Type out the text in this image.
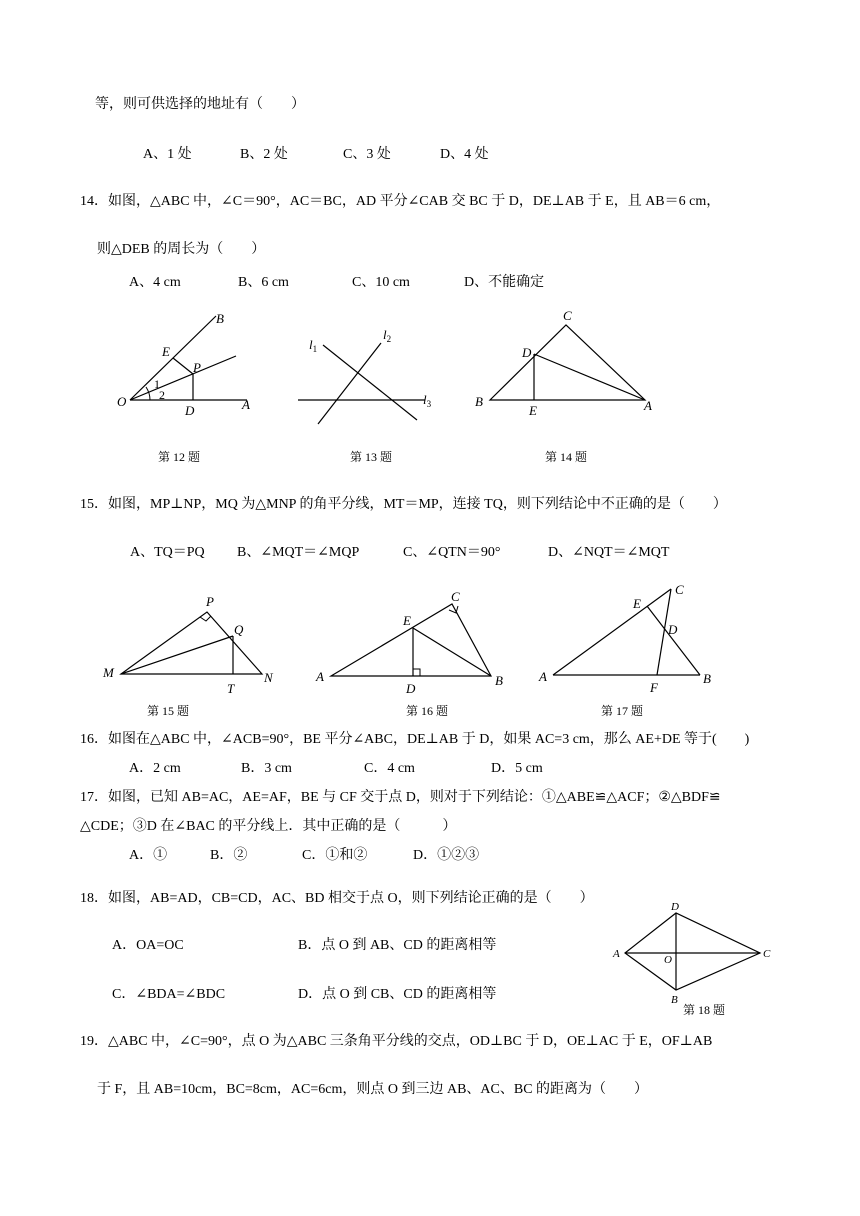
等，则可供选择的地址有（　　）
A、1 处	B、2 处	C、3 处	D、4 处
14．如图，△ABC 中，∠C＝90°，AC＝BC，AD 平分∠CAB 交 BC 于 D，DE⊥AB 于 E，且 AB＝6 cm，
则△DEB 的周长为（　　）
A、4 cm	B、6 cm	C、10 cm	D、不能确定
B
E
P
O
D	A
1
2
$l_1$
$l_2$
$l_3$
C
D
B
E	A
P
Q
M
T
N
C
E
A
D
B
C
E
D
A
F
B
D
A	O	C
B
第 12 题	第 13 题	第 14 题
15．如图，MP⊥NP，MQ 为△MNP 的角平分线，MT＝MP，连接 TQ，则下列结论中不正确的是（　　）
A、TQ＝PQ B、∠MQT＝∠MQP	C、∠QTN＝90°	D、∠NQT＝∠MQT
第 15 题	第 16 题	第 17 题
16．如图在△ABC 中，∠ACB=90°，BE 平分∠ABC，DE⊥AB 于 D，如果 AC=3 cm，那么 AE+DE 等于(　　)
A．2 cm	B．3 cm	C．4 cm	D．5 cm
17．如图，已知 AB=AC，AE=AF，BE 与 CF 交于点 D，则对于下列结论：①△ABE≌△ACF；②△BDF≌
△CDE；③D 在∠BAC 的平分线上．其中正确的是（　　　）
A．①	B．②	C．①和②	D．①②③
18．如图，AB=AD，CB=CD，AC、BD 相交于点 O，则下列结论正确的是（　　）
A．OA=OC	B．点 O 到 AB、CD 的距离相等
C．∠BDA=∠BDC	D．点 O 到 CB、CD 的距离相等
第 18 题
19．△ABC 中，∠C=90°，点 O 为△ABC 三条角平分线的交点，OD⊥BC 于 D，OE⊥AC 于 E，OF⊥AB
于 F，且 AB=10cm，BC=8cm，AC=6cm，则点 O 到三边 AB、AC、BC 的距离为（　　）
